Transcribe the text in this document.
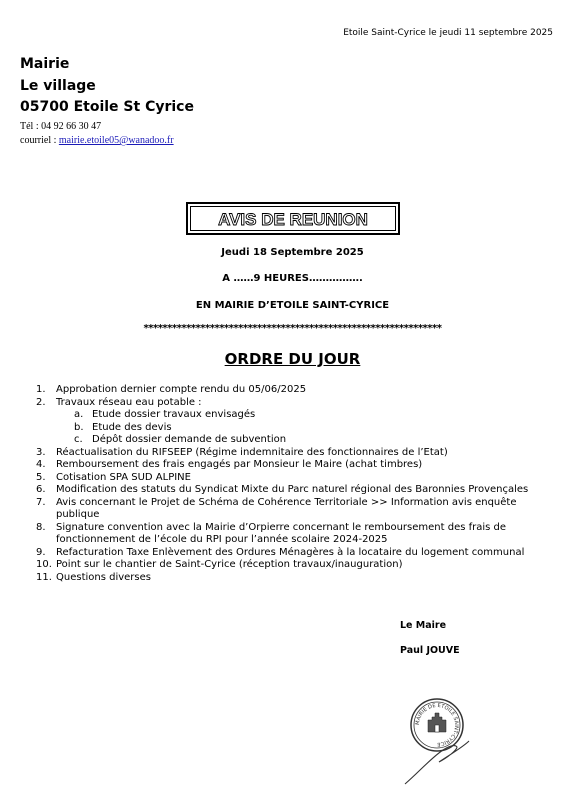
Etoile Saint-Cyrice le jeudi 11 septembre 2025
Mairie
Le village
05700 Etoile St Cyrice
Tél : 04 92 66 30 47
courriel : mairie.etoile05@wanadoo.fr
AVIS DE REUNION
Jeudi 18 Septembre 2025
A ……9 HEURES…………….
EN MAIRIE D’ETOILE SAINT-CYRICE
***************************************************************
ORDRE DU JOUR
1. Approbation dernier compte rendu du 05/06/2025
2. Travaux réseau eau potable :
a. Etude dossier travaux envisagés
b. Etude des devis
c. Dépôt dossier demande de subvention
3. Réactualisation du RIFSEEP (Régime indemnitaire des fonctionnaires de l’Etat)
4. Remboursement des frais engagés par Monsieur le Maire (achat timbres)
5. Cotisation SPA SUD ALPINE
6. Modification des statuts du Syndicat Mixte du Parc naturel régional des Baronnies Provençales
7. Avis concernant le Projet de Schéma de Cohérence Territoriale >> Information avis enquête publique
8. Signature convention avec la Mairie d’Orpierre concernant le remboursement des frais de fonctionnement de l’école du RPI pour l’année scolaire 2024-2025
9. Refacturation Taxe Enlèvement des Ordures Ménagères à la locataire du logement communal
10. Point sur le chantier de Saint-Cyrice (réception travaux/inauguration)
11. Questions diverses
Le Maire
Paul JOUVE
MAIRIE DE ETOILE SAINT-CYRICE
